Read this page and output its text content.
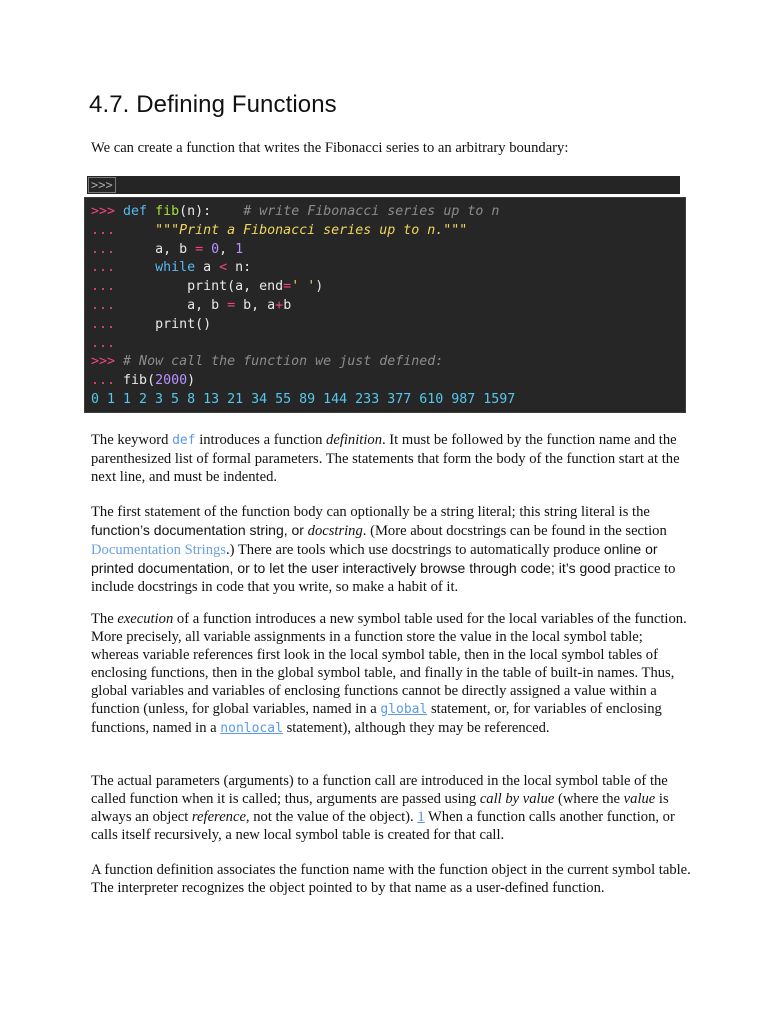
4.7. Defining Functions

We can create a function that writes the Fibonacci series to an arbitrary boundary:

>>>
>>> def fib(n): # write Fibonacci series up to n
...	"""Print a Fibonacci series up to n."""
...	a, b = 0, 1
...	while a < n:
...	print(a, end=' ')
...	a, b = b, a+b
...	print()
...
>>> # Now call the function we just defined:
... fib(2000)
0 1 1 2 3 5 8 13 21 34 55 89 144 233 377 610 987 1597

The keyword def introduces a function definition. It must be followed by the function name and the parenthesized list of formal parameters. The statements that form the body of the function start at the next line, and must be indented.

The first statement of the function body can optionally be a string literal; this string literal is the function’s documentation string, or docstring. (More about docstrings can be found in the section Documentation Strings.) There are tools which use docstrings to automatically produce online or printed documentation, or to let the user interactively browse through code; it’s good practice to include docstrings in code that you write, so make a habit of it.

The execution of a function introduces a new symbol table used for the local variables of the function. More precisely, all variable assignments in a function store the value in the local symbol table; whereas variable references first look in the local symbol table, then in the local symbol tables of enclosing functions, then in the global symbol table, and finally in the table of built-in names. Thus, global variables and variables of enclosing functions cannot be directly assigned a value within a function (unless, for global variables, named in a global statement, or, for variables of enclosing functions, named in a nonlocal statement), although they may be referenced.

The actual parameters (arguments) to a function call are introduced in the local symbol table of the called function when it is called; thus, arguments are passed using call by value (where the value is always an object reference, not the value of the object). 1 When a function calls another function, or calls itself recursively, a new local symbol table is created for that call.

A function definition associates the function name with the function object in the current symbol table. The interpreter recognizes the object pointed to by that name as a user-defined function.
